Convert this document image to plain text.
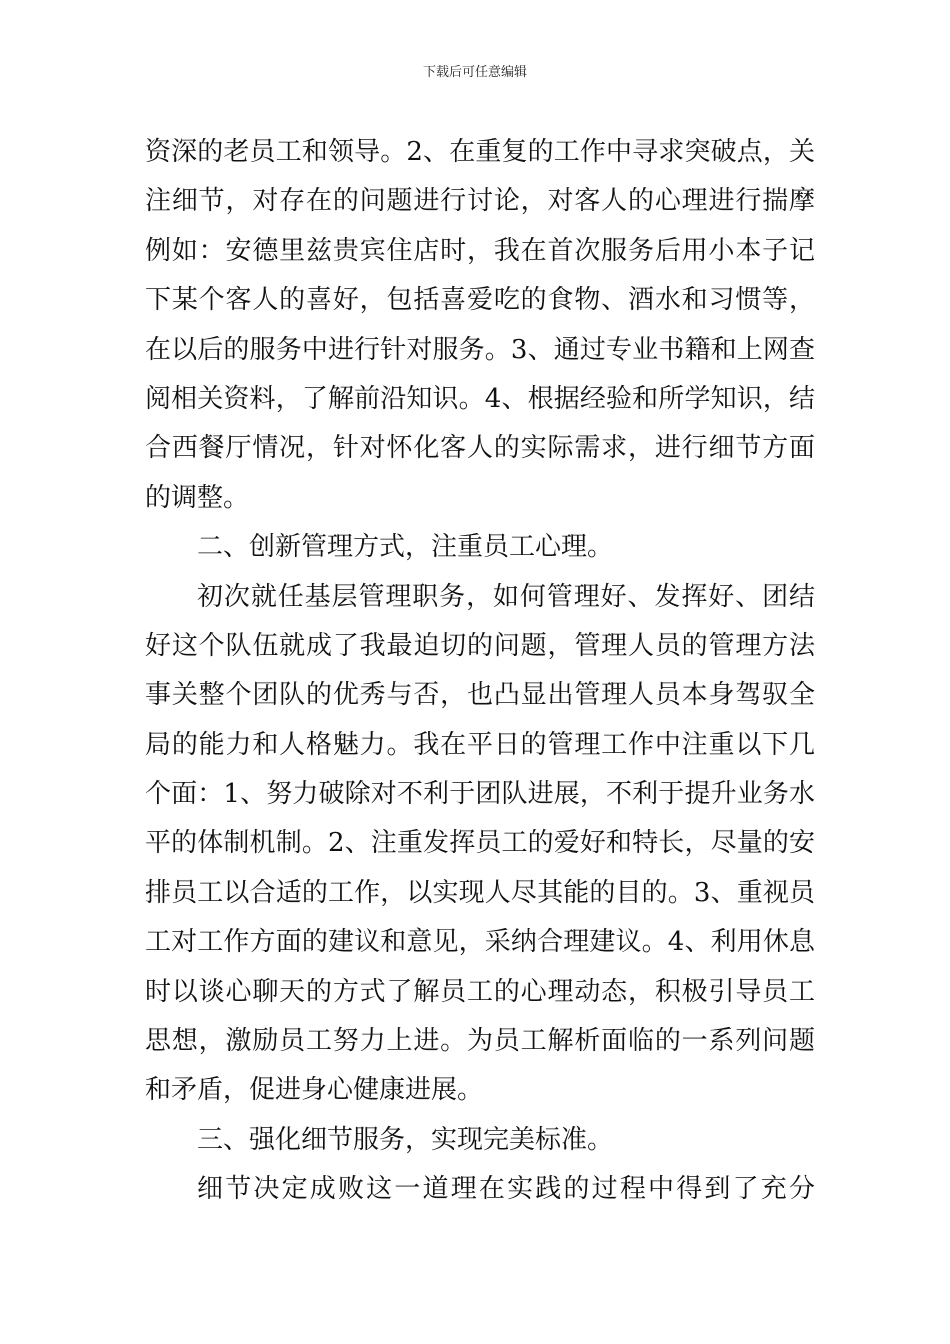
下载后可任意编辑
资深的老员工和领导。2、在重复的工作中寻求突破点，关
注细节，对存在的问题进行讨论，对客人的心理进行揣摩
例如：安德里兹贵宾住店时，我在首次服务后用小本子记
下某个客人的喜好，包括喜爱吃的食物、酒水和习惯等，
在以后的服务中进行针对服务。3、通过专业书籍和上网查
阅相关资料，了解前沿知识。4、根据经验和所学知识，结
合西餐厅情况，针对怀化客人的实际需求，进行细节方面
的调整。
二、创新管理方式，注重员工心理。
初次就任基层管理职务，如何管理好、发挥好、团结
好这个队伍就成了我最迫切的问题，管理人员的管理方法
事关整个团队的优秀与否，也凸显出管理人员本身驾驭全
局的能力和人格魅力。我在平日的管理工作中注重以下几
个面：1、努力破除对不利于团队进展，不利于提升业务水
平的体制机制。2、注重发挥员工的爱好和特长，尽量的安
排员工以合适的工作，以实现人尽其能的目的。3、重视员
工对工作方面的建议和意见，采纳合理建议。4、利用休息
时以谈心聊天的方式了解员工的心理动态，积极引导员工
思想，激励员工努力上进。为员工解析面临的一系列问题
和矛盾，促进身心健康进展。
三、强化细节服务，实现完美标准。
细节决定成败这一道理在实践的过程中得到了充分
